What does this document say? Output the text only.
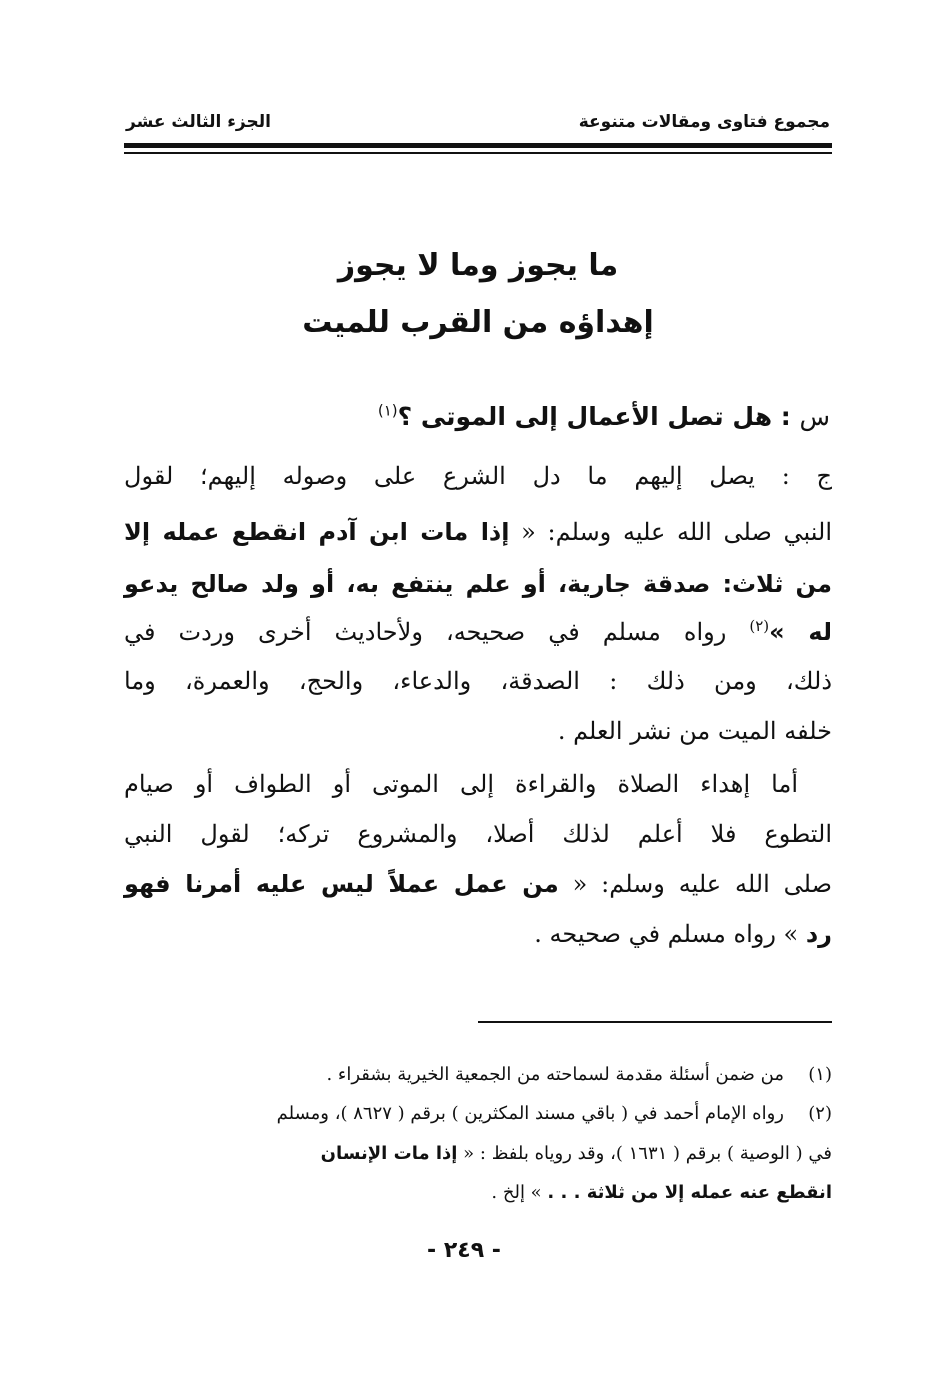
مجموع فتاوى ومقالات متنوعة
الجزء الثالث عشر
ما يجوز وما لا يجوز
إهداؤه من القرب للميت
س : هل تصل الأعمال إلى الموتى ؟$^{(١)}$
ج : يصل إليهم ما دل الشرع على وصوله إليهم؛ لقول
النبي صلى الله عليه وسلم: « إذا مات ابن آدم انقطع عمله إلا
من ثلاث: صدقة جارية، أو علم ينتفع به، أو ولد صالح يدعو
له »$^{(٢)}$ رواه مسلم في صحيحه، ولأحاديث أخرى وردت في
ذلك، ومن ذلك : الصدقة، والدعاء، والحج، والعمرة، وما
خلفه الميت من نشر العلم .
أما إهداء الصلاة والقراءة إلى الموتى أو الطواف أو صيام
التطوع فلا أعلم لذلك أصلا، والمشروع تركه؛ لقول النبي
صلى الله عليه وسلم: « من عمل عملاً ليس عليه أمرنا فهو
رد » رواه مسلم في صحيحه .
(١)من ضمن أسئلة مقدمة لسماحته من الجمعية الخيرية بشقراء .
(٢)رواه الإمام أحمد في ( باقي مسند المكثرين ) برقم ( ٨٦٢٧ )، ومسلم
في ( الوصية ) برقم ( ١٦٣١ )، وقد روياه بلفظ : « إذا مات الإنسان
انقطع عنه عمله إلا من ثلاثة . . . » إلخ .
- ٢٤٩ -
